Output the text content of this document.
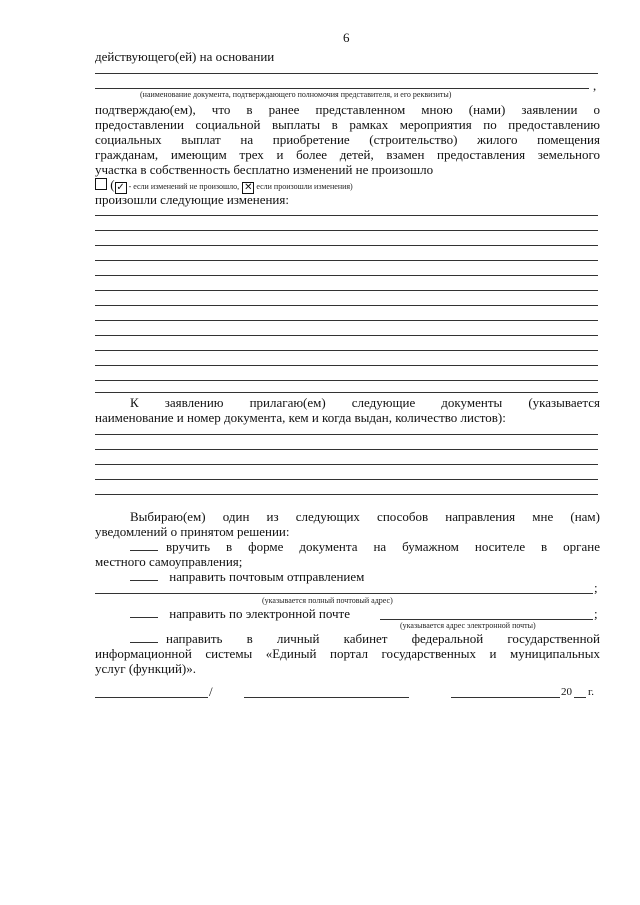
6
действующего(ей) на основании
,
(наименование документа, подтверждающего полномочия представителя, и его реквизиты)
подтверждаю(ем), что в ранее представленном мною (нами) заявлении о
предоставлении социальной выплаты в рамках мероприятия по предоставлению
социальных выплат на приобретение (строительство) жилого помещения
гражданам, имеющим трех и более детей, взамен предоставления земельного
участка в собственность бесплатно изменений не произошло
( ✓ - если изменений не произошло, ✕ если произошли изменения)
произошли следующие изменения:
К заявлению прилагаю(ем) следующие документы (указывается
наименование и номер документа, кем и когда выдан, количество листов):
Выбираю(ем) один из следующих способов направления мне (нам)
уведомлений о принятом решении:
вручить в форме документа на бумажном носителе в органе
местного самоуправления;
направить почтовым отправлением
;
(указывается полный почтовый адрес)
направить по электронной почте	;
(указывается адрес электронной почты)
направить в личный кабинет федеральной государственной
информационной системы «Единый портал государственных и муниципальных
услуг (функций)».
/	20 г.
